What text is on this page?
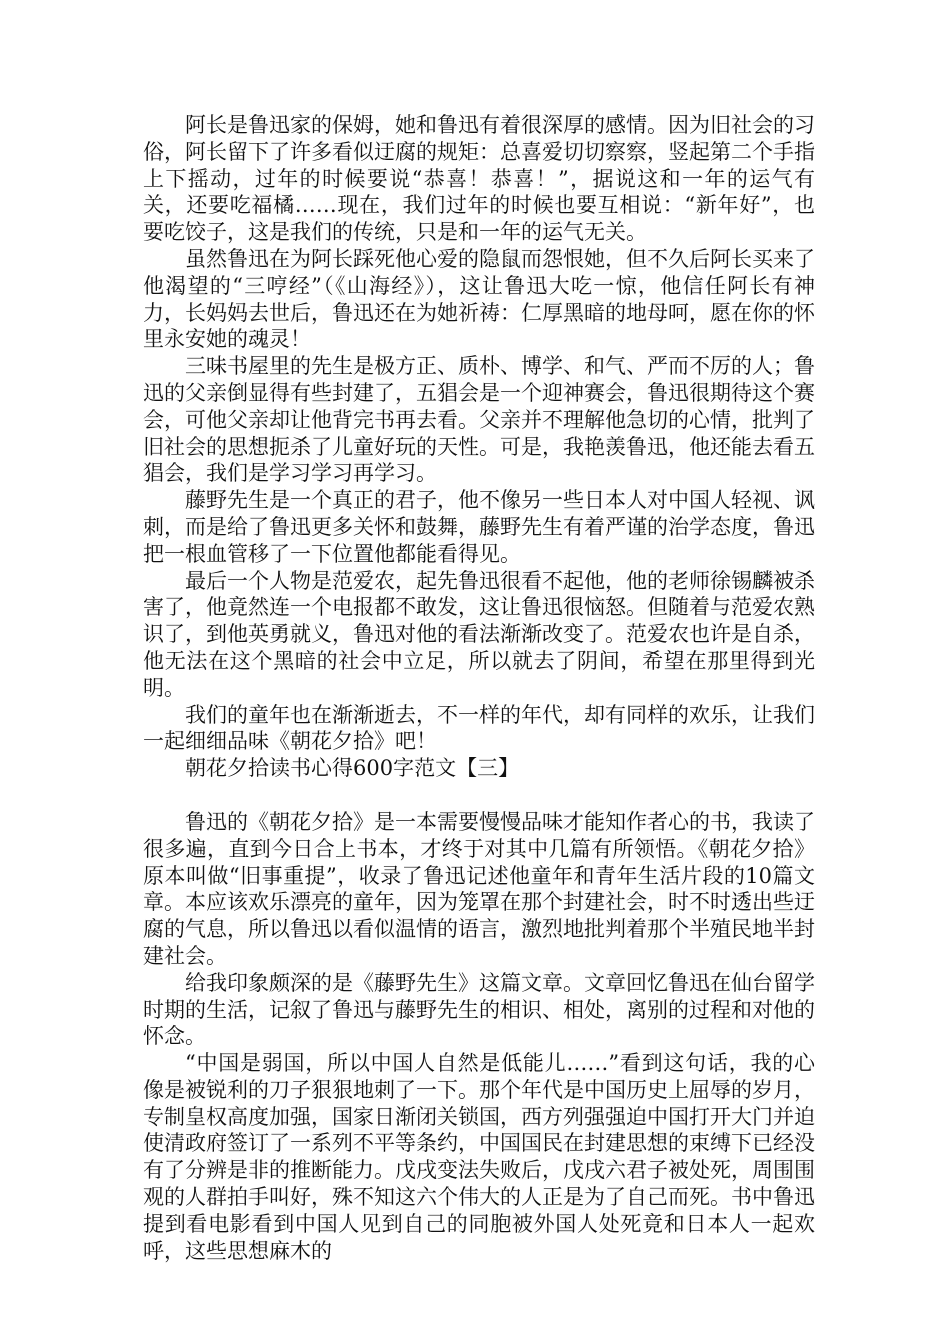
阿长是鲁迅家的保姆，她和鲁迅有着很深厚的感情。因为旧社会的习俗，阿长留下了许多看似迂腐的规矩：总喜爱切切察察，竖起第二个手指上下摇动，过年的时候要说“恭喜！恭喜！”，据说这和一年的运气有关，还要吃福橘……现在，我们过年的时候也要互相说：“新年好”，也要吃饺子，这是我们的传统，只是和一年的运气无关。

虽然鲁迅在为阿长踩死他心爱的隐鼠而怨恨她，但不久后阿长买来了他渴望的“三哼经”（《山海经》），这让鲁迅大吃一惊，他信任阿长有神力，长妈妈去世后，鲁迅还在为她祈祷：仁厚黑暗的地母呵，愿在你的怀里永安她的魂灵！

三味书屋里的先生是极方正、质朴、博学、和气、严而不厉的人；鲁迅的父亲倒显得有些封建了，五猖会是一个迎神赛会，鲁迅很期待这个赛会，可他父亲却让他背完书再去看。父亲并不理解他急切的心情，批判了旧社会的思想扼杀了儿童好玩的天性。可是，我艳羡鲁迅，他还能去看五猖会，我们是学习学习再学习。

藤野先生是一个真正的君子，他不像另一些日本人对中国人轻视、讽刺，而是给了鲁迅更多关怀和鼓舞，藤野先生有着严谨的治学态度，鲁迅把一根血管移了一下位置他都能看得见。

最后一个人物是范爱农，起先鲁迅很看不起他，他的老师徐锡麟被杀害了，他竟然连一个电报都不敢发，这让鲁迅很恼怒。但随着与范爱农熟识了，到他英勇就义，鲁迅对他的看法渐渐改变了。范爱农也许是自杀，他无法在这个黑暗的社会中立足，所以就去了阴间，希望在那里得到光明。

我们的童年也在渐渐逝去，不一样的年代，却有同样的欢乐，让我们一起细细品味《朝花夕拾》吧！

朝花夕拾读书心得600字范文【三】

鲁迅的《朝花夕拾》是一本需要慢慢品味才能知作者心的书，我读了很多遍，直到今日合上书本，才终于对其中几篇有所领悟。《朝花夕拾》原本叫做“旧事重提”，收录了鲁迅记述他童年和青年生活片段的10篇文章。本应该欢乐漂亮的童年，因为笼罩在那个封建社会，时不时透出些迂腐的气息，所以鲁迅以看似温情的语言，激烈地批判着那个半殖民地半封建社会。

给我印象颇深的是《藤野先生》这篇文章。文章回忆鲁迅在仙台留学时期的生活，记叙了鲁迅与藤野先生的相识、相处，离别的过程和对他的怀念。

“中国是弱国，所以中国人自然是低能儿……”看到这句话，我的心像是被锐利的刀子狠狠地刺了一下。那个年代是中国历史上屈辱的岁月，专制皇权高度加强，国家日渐闭关锁国，西方列强强迫中国打开大门并迫使清政府签订了一系列不平等条约，中国国民在封建思想的束缚下已经没有了分辨是非的推断能力。戊戌变法失败后，戊戌六君子被处死，周围围观的人群拍手叫好，殊不知这六个伟大的人正是为了自己而死。书中鲁迅提到看电影看到中国人见到自己的同胞被外国人处死竟和日本人一起欢呼，这些思想麻木的
